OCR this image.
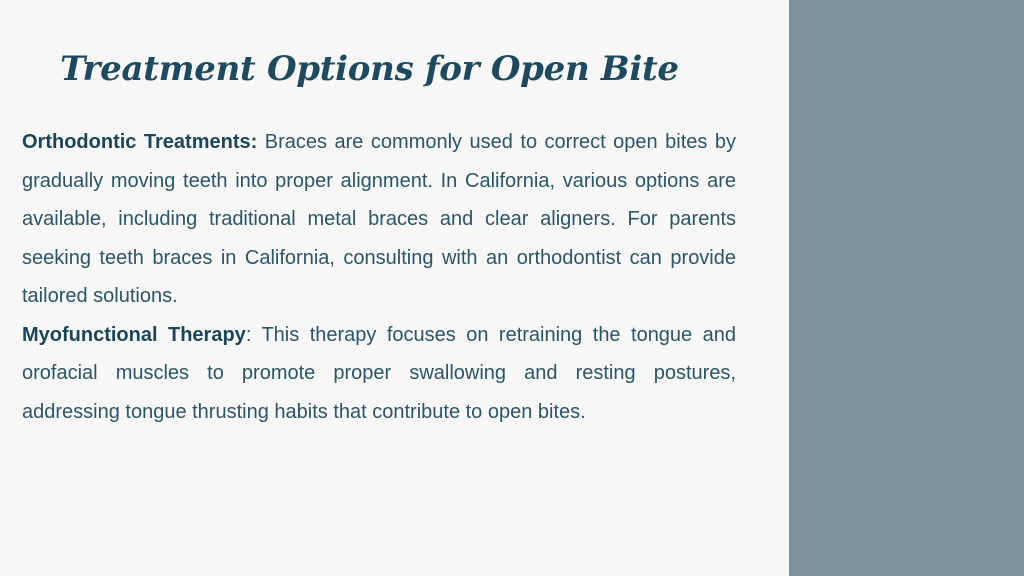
Treatment Options for Open Bite

Orthodontic Treatments: Braces are commonly used to correct open bites by gradually moving teeth into proper alignment. In California, various options are available, including traditional metal braces and clear aligners. For parents seeking teeth braces in California, consulting with an orthodontist can provide tailored solutions.

Myofunctional Therapy: This therapy focuses on retraining the tongue and orofacial muscles to promote proper swallowing and resting postures, addressing tongue thrusting habits that contribute to open bites.
